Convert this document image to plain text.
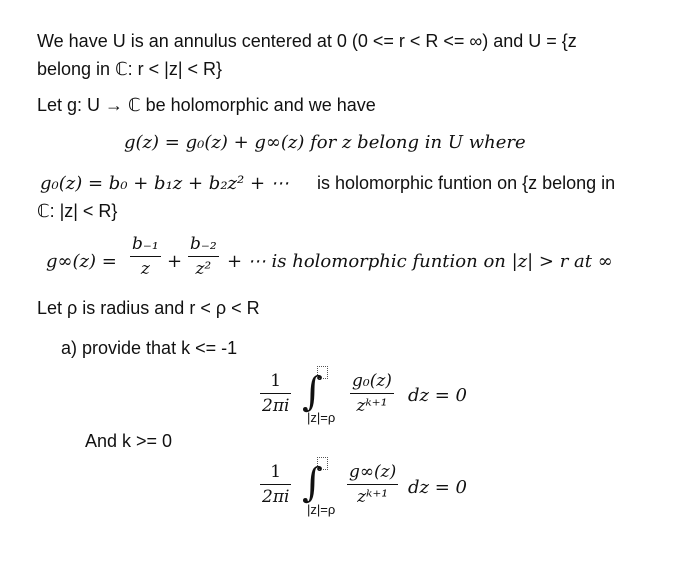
We have U is an annulus centered at 0 (0 <= r < R <= ∞) and U = {z
belong in ℂ: r < |z| < R}
Let g: U → ℂ be holomorphic and we have
g(z) = g₀(z) + g∞(z) for z belong in U where
g₀(z) = b₀ + b₁z + b₂z² + ⋯ is holomorphic funtion on {z belong in
ℂ: |z| < R}
g∞(z) =
b₋₁
z +
b₋₂
z² + ⋯ is holomorphic funtion on |z| > r at ∞
Let ρ is radius and r < ρ < R
a) provide that k <= -1
1
2πi ∫
|z|=ρ
g₀(z)
zᵏ⁺¹ dz = 0
And k >= 0
1
2πi ∫
|z|=ρ
g∞(z)
zᵏ⁺¹ dz = 0
